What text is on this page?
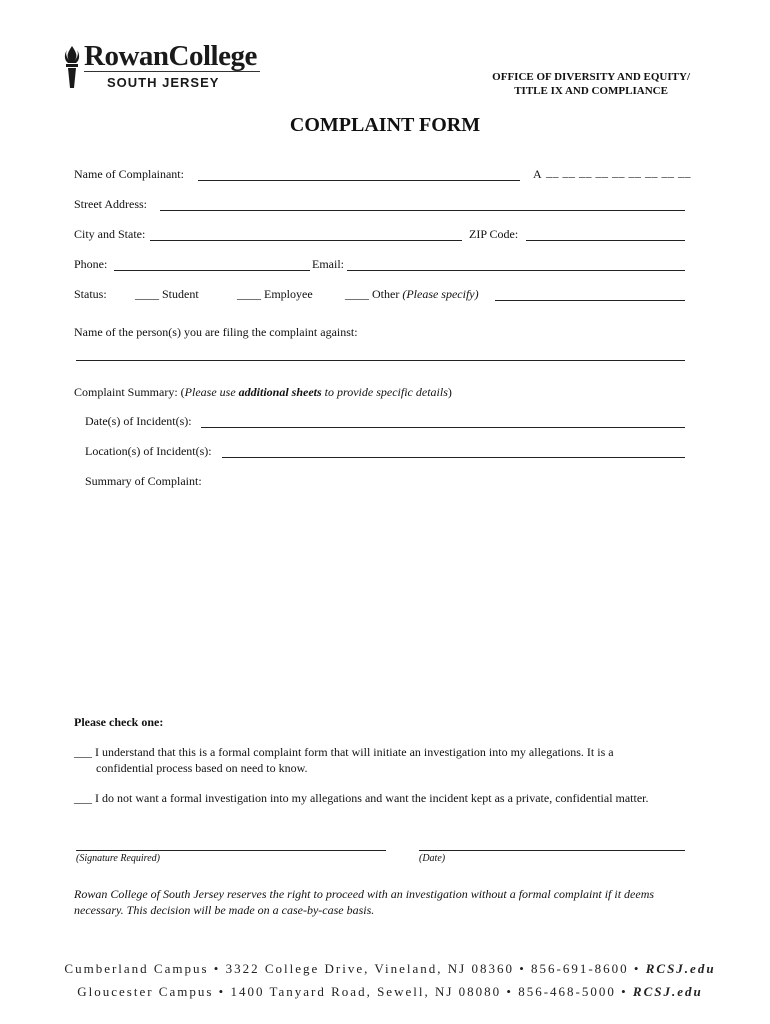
RowanCollege
SOUTH JERSEY	OFFICE OF DIVERSITY AND EQUITY/
TITLE IX AND COMPLIANCE
COMPLAINT FORM
Name of Complainant:	A __ __ __ __ __ __ __ __ __
Street Address:
City and State:	ZIP Code:
Phone:	Email:
Status: ____ Student	____ Employee	____ Other (Please specify)
Name of the person(s) you are filing the complaint against:
Complaint Summary: (Please use additional sheets to provide specific details)
Date(s) of Incident(s):
Location(s) of Incident(s):
Summary of Complaint:
Please check one:
___ I understand that this is a formal complaint form that will initiate an investigation into my allegations. It is a
confidential process based on need to know.
___ I do not want a formal investigation into my allegations and want the incident kept as a private, confidential matter.
(Signature Required)	(Date)
Rowan College of South Jersey reserves the right to proceed with an investigation without a formal complaint if it deems
necessary. This decision will be made on a case-by-case basis.
Cumberland Campus • 3322 College Drive, Vineland, NJ 08360 • 856-691-8600 • RCSJ.edu
Gloucester Campus • 1400 Tanyard Road, Sewell, NJ 08080 • 856-468-5000 • RCSJ.edu
